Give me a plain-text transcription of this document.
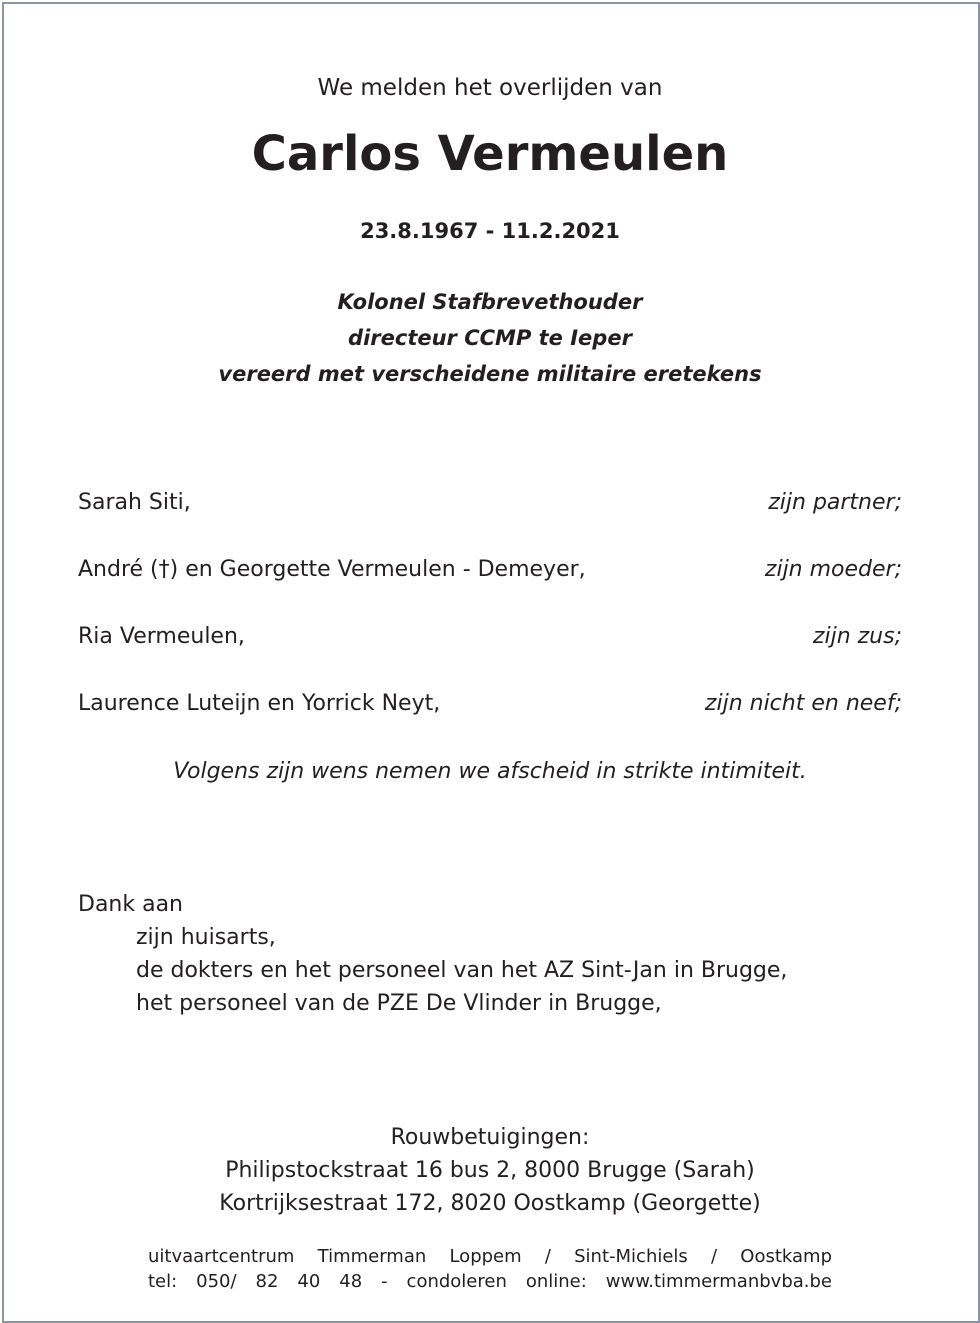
We melden het overlijden van
Carlos Vermeulen
23.8.1967 - 11.2.2021
Kolonel Stafbrevethouder
directeur CCMP te Ieper
vereerd met verscheidene militaire eretekens
Sarah Siti,	zijn partner;
André (†) en Georgette Vermeulen - Demeyer,	zijn moeder;
Ria Vermeulen,	zijn zus;
Laurence Luteijn en Yorrick Neyt,	zijn nicht en neef;
Volgens zijn wens nemen we afscheid in strikte intimiteit.
Dank aan
zijn huisarts,
de dokters en het personeel van het AZ Sint-Jan in Brugge,
het personeel van de PZE De Vlinder in Brugge,
Rouwbetuigingen:
Philipstockstraat 16 bus 2, 8000 Brugge (Sarah)
Kortrijksestraat 172, 8020 Oostkamp (Georgette)
uitvaartcentrum Timmerman Loppem / Sint-Michiels / Oostkamp
tel: 050/ 82 40 48 - condoleren online: www.timmermanbvba.be
